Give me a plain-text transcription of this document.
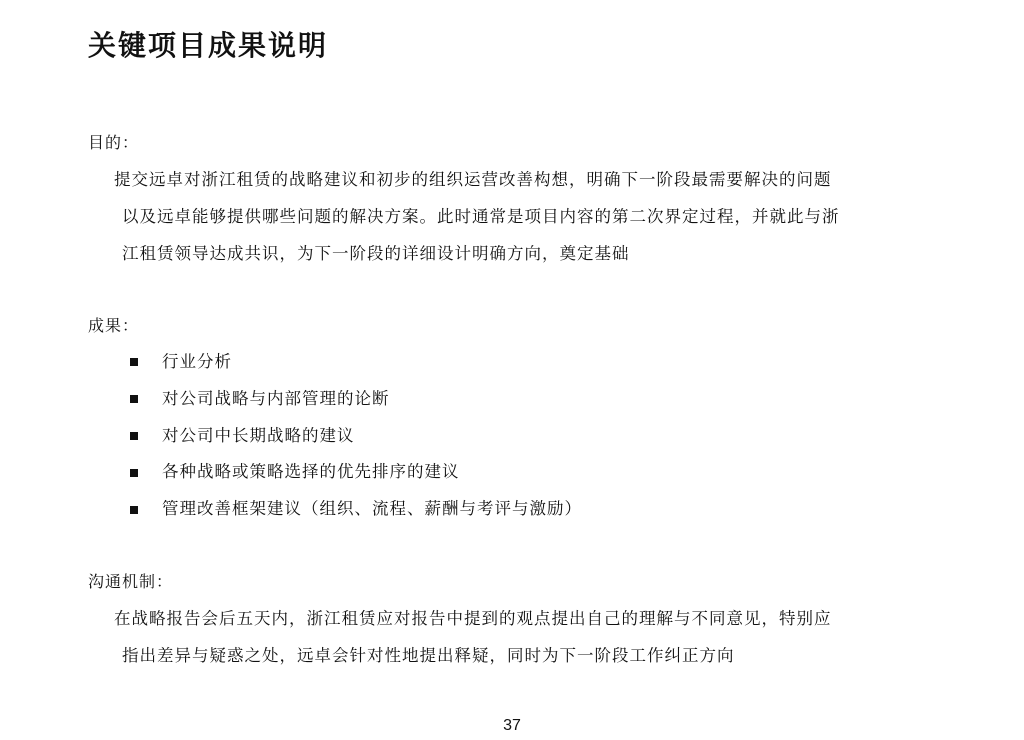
关键项目成果说明
目的：
提交远卓对浙江租赁的战略建议和初步的组织运营改善构想，明确下一阶段最需要解决的问题
以及远卓能够提供哪些问题的解决方案。此时通常是项目内容的第二次界定过程，并就此与浙
江租赁领导达成共识，为下一阶段的详细设计明确方向，奠定基础
成果：
行业分析
对公司战略与内部管理的论断
对公司中长期战略的建议
各种战略或策略选择的优先排序的建议
管理改善框架建议（组织、流程、薪酬与考评与激励）
沟通机制：
在战略报告会后五天内，浙江租赁应对报告中提到的观点提出自己的理解与不同意见，特别应
指出差异与疑惑之处，远卓会针对性地提出释疑，同时为下一阶段工作纠正方向
37
